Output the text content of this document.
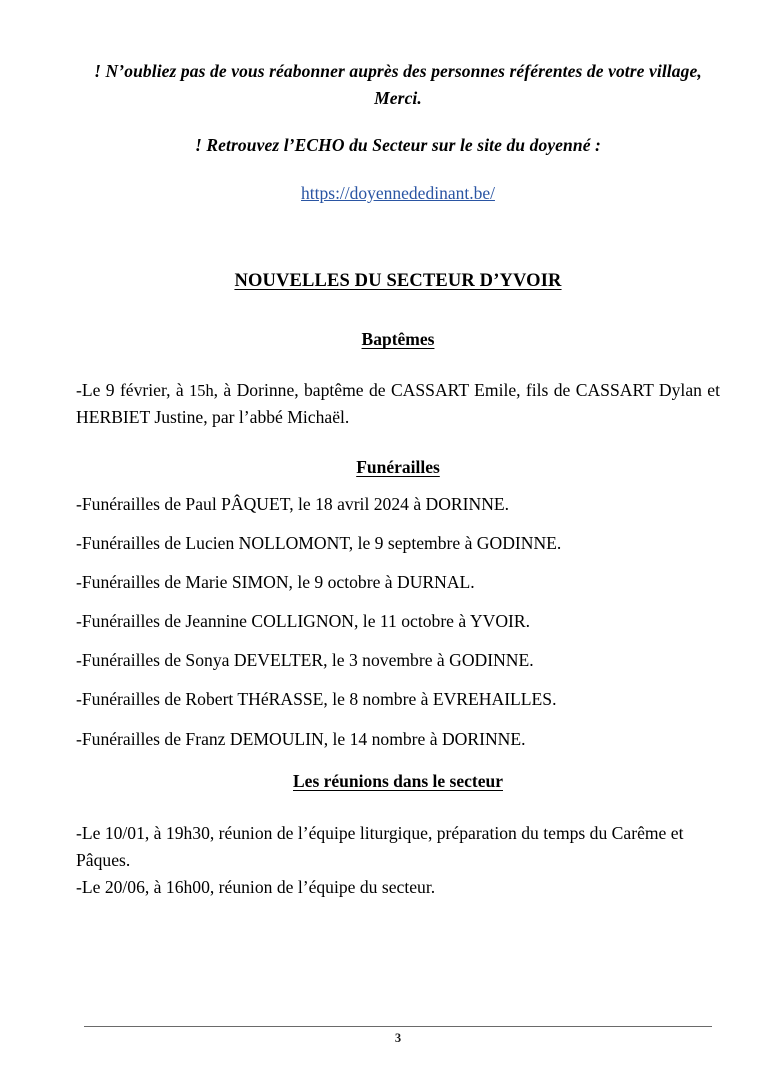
! N’oubliez pas de vous réabonner auprès des personnes référentes de votre village, Merci.

! Retrouvez l’ECHO du Secteur sur le site du doyenné :

https://doyennededinant.be/
NOUVELLES DU SECTEUR D’YVOIR
Baptêmes

-Le 9 février, à 15h, à Dorinne, baptême de CASSART Emile, fils de CASSART Dylan et HERBIET Justine, par l’abbé Michaël.

Funérailles
-Funérailles de Paul PÂQUET, le 18 avril 2024 à DORINNE.
-Funérailles de Lucien NOLLOMONT, le 9 septembre à GODINNE.
-Funérailles de Marie SIMON, le 9 octobre à DURNAL.
-Funérailles de Jeannine COLLIGNON, le 11 octobre à YVOIR.
-Funérailles de Sonya DEVELTER, le 3 novembre à GODINNE.
-Funérailles de Robert THéRASSE, le 8 nombre à EVREHAILLES.
-Funérailles de Franz DEMOULIN, le 14 nombre à DORINNE.
Les réunions dans le secteur

-Le 10/01, à 19h30, réunion de l’équipe liturgique, préparation du temps du Carême et Pâques.

-Le 20/06, à 16h00, réunion de l’équipe du secteur.

3
